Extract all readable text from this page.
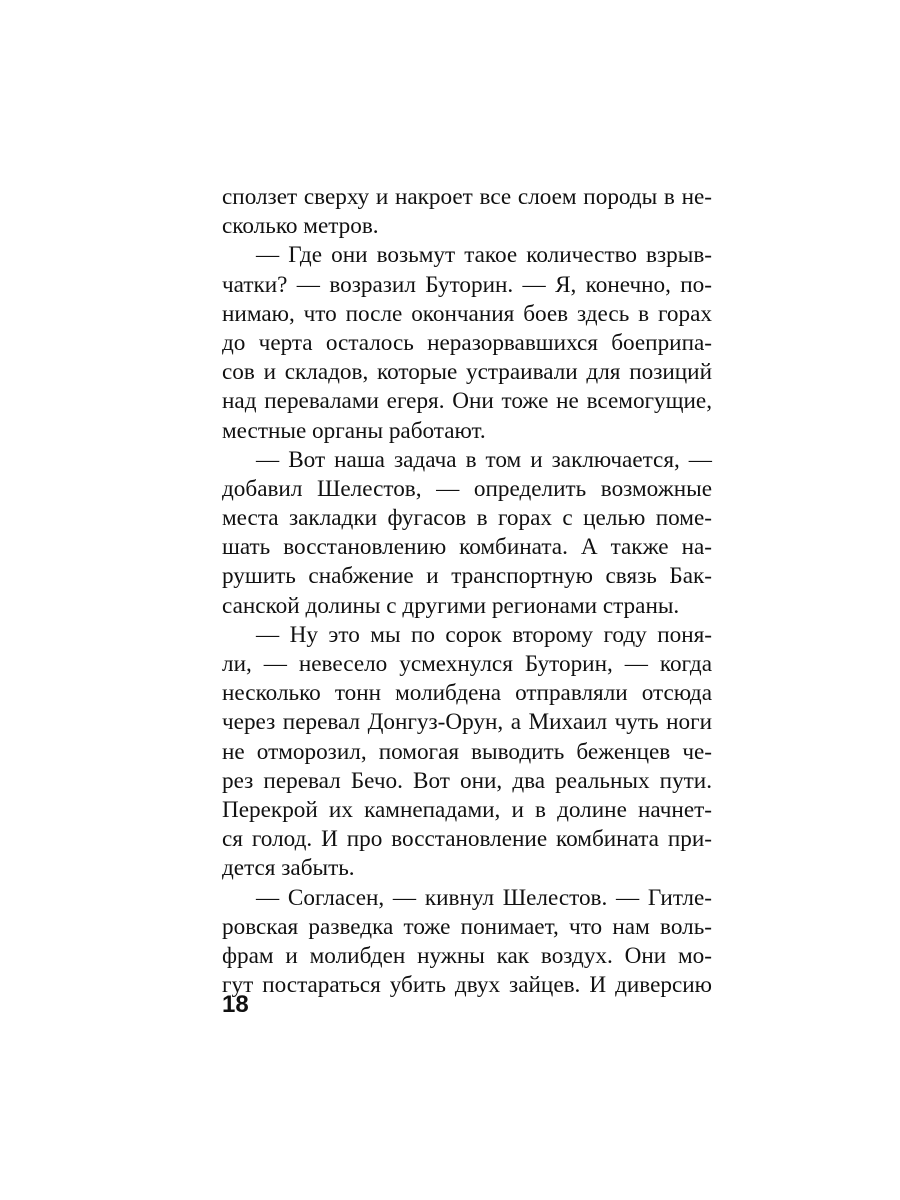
сползет сверху и накроет все слоем породы в не-
сколько метров.
— Где они возьмут такое количество взрыв-
чатки? — возразил Буторин. — Я, конечно, по-
нимаю, что после окончания боев здесь в горах
до черта осталось неразорвавшихся боеприпа-
сов и складов, которые устраивали для позиций
над перевалами егеря. Они тоже не всемогущие,
местные органы работают.
— Вот наша задача в том и заключается, —
добавил Шелестов, — определить возможные
места закладки фугасов в горах с целью поме-
шать восстановлению комбината. А также на-
рушить снабжение и транспортную связь Бак-
санской долины с другими регионами страны.
— Ну это мы по сорок второму году поня-
ли, — невесело усмехнулся Буторин, — когда
несколько тонн молибдена отправляли отсюда
через перевал Донгуз-Орун, а Михаил чуть ноги
не отморозил, помогая выводить беженцев че-
рез перевал Бечо. Вот они, два реальных пути.
Перекрой их камнепадами, и в долине начнет-
ся голод. И про восстановление комбината при-
дется забыть.
— Согласен, — кивнул Шелестов. — Гитле-
ровская разведка тоже понимает, что нам воль-
фрам и молибден нужны как воздух. Они мо-
гут постараться убить двух зайцев. И диверсию
18
